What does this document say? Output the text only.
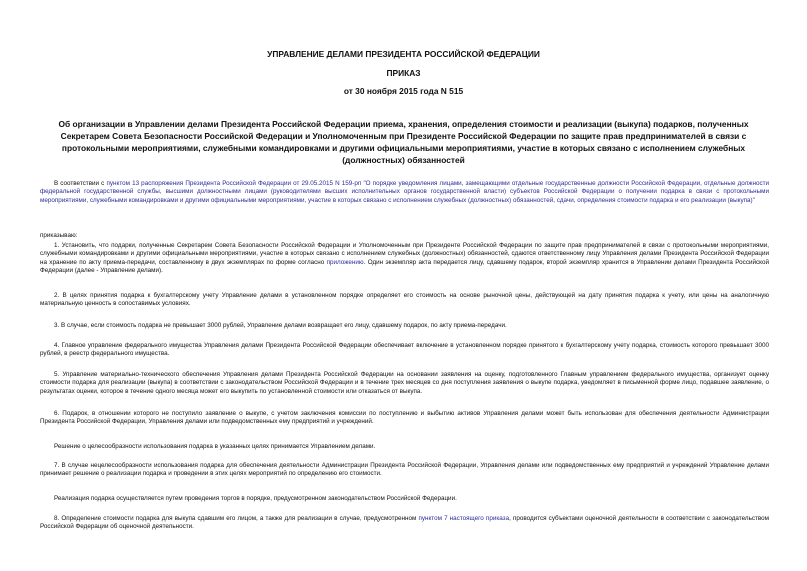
УПРАВЛЕНИЕ ДЕЛАМИ ПРЕЗИДЕНТА РОССИЙСКОЙ ФЕДЕРАЦИИ
ПРИКАЗ
от 30 ноября 2015 года N 515
Об организации в Управлении делами Президента Российской Федерации приема, хранения, определения стоимости и реализации (выкупа) подарков, полученных Секретарем Совета Безопасности Российской Федерации и Уполномоченным при Президенте Российской Федерации по защите прав предпринимателей в связи с протокольными мероприятиями, служебными командировками и другими официальными мероприятиями, участие в которых связано с исполнением служебных (должностных) обязанностей

В соответствии с пунктом 13 распоряжения Президента Российской Федерации от 29.05.2015 N 159-рп "О порядке уведомления лицами, замещающими отдельные государственные должности Российской Федерации, отдельные должности федеральной государственной службы, высшими должностными лицами (руководителями высших исполнительных органов государственной власти) субъектов Российской Федерации о получении подарка в связи с протокольными мероприятиями, служебными командировками и другими официальными мероприятиями, участие в которых связано с исполнением служебных (должностных) обязанностей, сдачи, определения стоимости подарка и его реализации (выкупа)"

приказываю:

1. Установить, что подарки, полученные Секретарем Совета Безопасности Российской Федерации и Уполномоченным при Президенте Российской Федерации по защите прав предпринимателей в связи с протокольными мероприятиями, служебными командировками и другими официальными мероприятиями, участие в которых связано с исполнением служебных (должностных) обязанностей, сдаются ответственному лицу Управления делами Президента Российской Федерации на хранение по акту приема-передачи, составленному в двух экземплярах по форме согласно приложению. Один экземпляр акта передается лицу, сдавшему подарок, второй экземпляр хранится в Управлении делами Президента Российской Федерации (далее - Управление делами).

2. В целях принятия подарка к бухгалтерскому учету Управление делами в установленном порядке определяет его стоимость на основе рыночной цены, действующей на дату принятия подарка к учету, или цены на аналогичную материальную ценность в сопоставимых условиях.

3. В случае, если стоимость подарка не превышает 3000 рублей, Управление делами возвращает его лицу, сдавшему подарок, по акту приема-передачи.

4. Главное управление федерального имущества Управления делами Президента Российской Федерации обеспечивает включение в установленном порядке принятого к бухгалтерскому учету подарка, стоимость которого превышает 3000 рублей, в реестр федерального имущества.

5. Управление материально-технического обеспечения Управления делами Президента Российской Федерации на основании заявления на оценку, подготовленного Главным управлением федерального имущества, организует оценку стоимости подарка для реализации (выкупа) в соответствии с законодательством Российской Федерации и в течение трех месяцев со дня поступления заявления о выкупе подарка, уведомляет в письменной форме лицо, подавшее заявление, о результатах оценки, которое в течение одного месяца может его выкупить по установленной стоимости или отказаться от выкупа.

6. Подарок, в отношении которого не поступило заявление о выкупе, с учетом заключения комиссии по поступлению и выбытию активов Управления делами может быть использован для обеспечения деятельности Администрации Президента Российской Федерации, Управления делами или подведомственных ему предприятий и учреждений.

Решение о целесообразности использования подарка в указанных целях принимается Управлением делами.

7. В случае нецелесообразности использования подарка для обеспечения деятельности Администрации Президента Российской Федерации, Управления делами или подведомственных ему предприятий и учреждений Управление делами принимает решение о реализации подарка и проведении в этих целях мероприятий по определению его стоимости.

Реализация подарка осуществляется путем проведения торгов в порядке, предусмотренном законодательством Российской Федерации.

8. Определение стоимости подарка для выкупа сдавшим его лицом, а также для реализации в случае, предусмотренном пунктом 7 настоящего приказа, проводится субъектами оценочной деятельности в соответствии с законодательством Российской Федерации об оценочной деятельности.
